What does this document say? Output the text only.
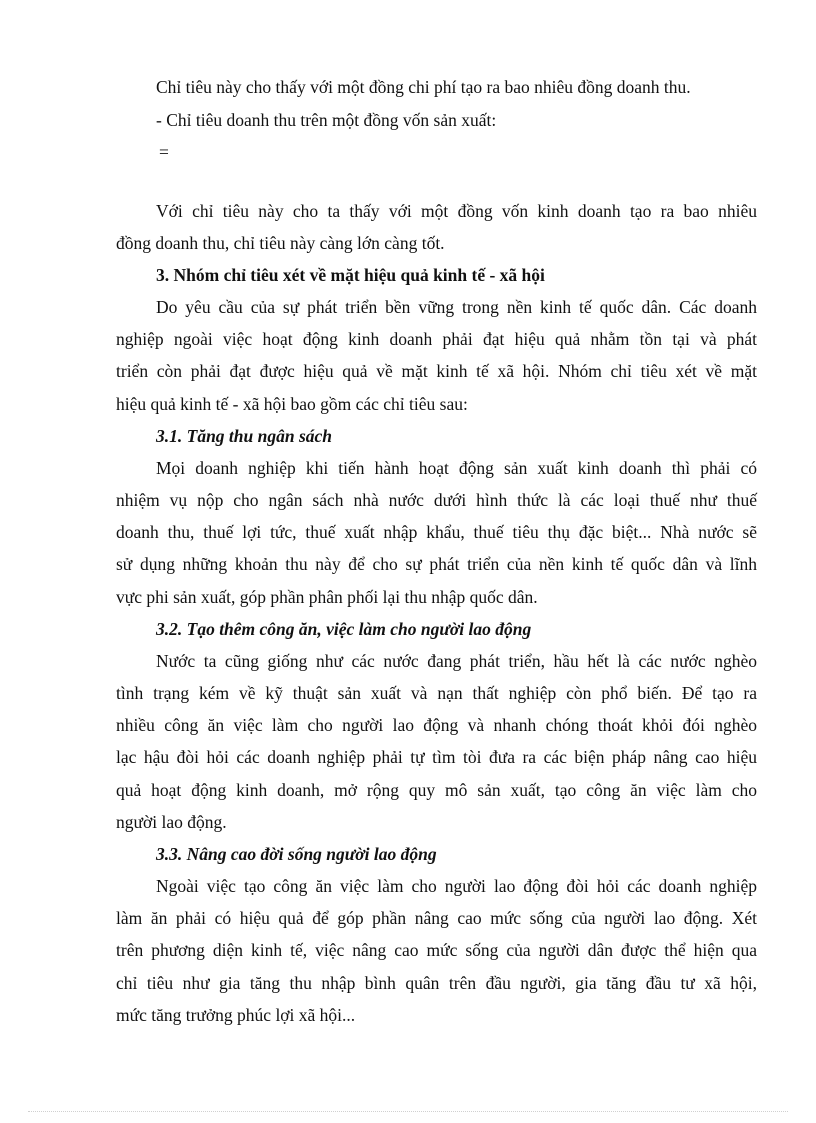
Chỉ tiêu này cho thấy với một đồng chi phí tạo ra bao nhiêu đồng doanh thu.

- Chỉ tiêu doanh thu trên một đồng vốn sản xuất:

=

Với chỉ tiêu này cho ta thấy với một đồng vốn kinh doanh tạo ra bao nhiêu

đồng doanh thu, chỉ tiêu này càng lớn càng tốt.

3. Nhóm chỉ tiêu xét về mặt hiệu quả kinh tế - xã hội

Do yêu cầu của sự phát triển bền vững trong nền kinh tế quốc dân. Các doanh

nghiệp ngoài việc hoạt động kinh doanh phải đạt hiệu quả nhằm tồn tại và phát

triển còn phải đạt được hiệu quả về mặt kinh tế xã hội. Nhóm chỉ tiêu xét về mặt

hiệu quả kinh tế - xã hội bao gồm các chỉ tiêu sau:

3.1. Tăng thu ngân sách

Mọi doanh nghiệp khi tiến hành hoạt động sản xuất kinh doanh thì phải có

nhiệm vụ nộp cho ngân sách nhà nước dưới hình thức là các loại thuế như thuế

doanh thu, thuế lợi tức, thuế xuất nhập khẩu, thuế tiêu thụ đặc biệt... Nhà nước sẽ

sử dụng những khoản thu này để cho sự phát triển của nền kinh tế quốc dân và lĩnh

vực phi sản xuất, góp phần phân phối lại thu nhập quốc dân.

3.2. Tạo thêm công ăn, việc làm cho người lao động

Nước ta cũng giống như các nước đang phát triển, hầu hết là các nước nghèo

tình trạng kém về kỹ thuật sản xuất và nạn thất nghiệp còn phổ biến. Để tạo ra

nhiều công ăn việc làm cho người lao động và nhanh chóng thoát khỏi đói nghèo

lạc hậu đòi hỏi các doanh nghiệp phải tự tìm tòi đưa ra các biện pháp nâng cao hiệu

quả hoạt động kinh doanh, mở rộng quy mô sản xuất, tạo công ăn việc làm cho

người lao động.

3.3. Nâng cao đời sống người lao động

Ngoài việc tạo công ăn việc làm cho người lao động đòi hỏi các doanh nghiệp

làm ăn phải có hiệu quả để góp phần nâng cao mức sống của người lao động. Xét

trên phương diện kinh tế, việc nâng cao mức sống của người dân được thể hiện qua

chỉ tiêu như gia tăng thu nhập bình quân trên đầu người, gia tăng đầu tư xã hội,

mức tăng trưởng phúc lợi xã hội...
